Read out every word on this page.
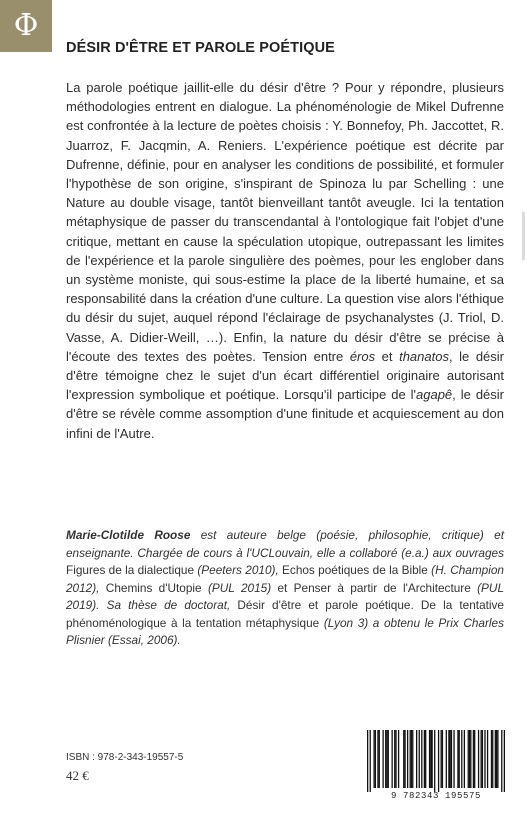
Φ
DÉSIR D'ÊTRE ET PAROLE POÉTIQUE

La parole poétique jaillit-elle du désir d'être ? Pour y répondre, plusieurs méthodologies entrent en dialogue. La phénoménologie de Mikel Dufrenne est confrontée à la lecture de poètes choisis : Y. Bonnefoy, Ph. Jaccottet, R. Juarroz, F. Jacqmin, A. Reniers. L'expérience poétique est décrite par Dufrenne, définie, pour en analyser les conditions de possibilité, et formuler l'hypothèse de son origine, s'inspirant de Spinoza lu par Schelling : une Nature au double visage, tantôt bienveillant tantôt aveugle. Ici la tentation métaphysique de passer du transcendantal à l'ontologique fait l'objet d'une critique, mettant en cause la spéculation utopique, outrepassant les limites de l'expérience et la parole singulière des poèmes, pour les englober dans un système moniste, qui sous-estime la place de la liberté humaine, et sa responsabilité dans la création d'une culture. La question vise alors l'éthique du désir du sujet, auquel répond l'éclairage de psychanalystes (J. Triol, D. Vasse, A. Didier-Weill, …). Enfin, la nature du désir d'être se précise à l'écoute des textes des poètes. Tension entre éros et thanatos, le désir d'être témoigne chez le sujet d'un écart différentiel originaire autorisant l'expression symbolique et poétique. Lorsqu'il participe de l'agapê, le désir d'être se révèle comme assomption d'une finitude et acquiescement au don infini de l'Autre.

Marie-Clotilde Roose est auteure belge (poésie, philosophie, critique) et enseignante. Chargée de cours à l'UCLouvain, elle a collaboré (e.a.) aux ouvrages Figures de la dialectique (Peeters 2010), Echos poétiques de la Bible (H. Champion 2012), Chemins d'Utopie (PUL 2015) et Penser à partir de l'Architecture (PUL 2019). Sa thèse de doctorat, Désir d'être et parole poétique. De la tentative phénoménologique à la tentation métaphysique (Lyon 3) a obtenu le Prix Charles Plisnier (Essai, 2006).

ISBN : 978-2-343-19557-5
42 €
9 782343 195575
